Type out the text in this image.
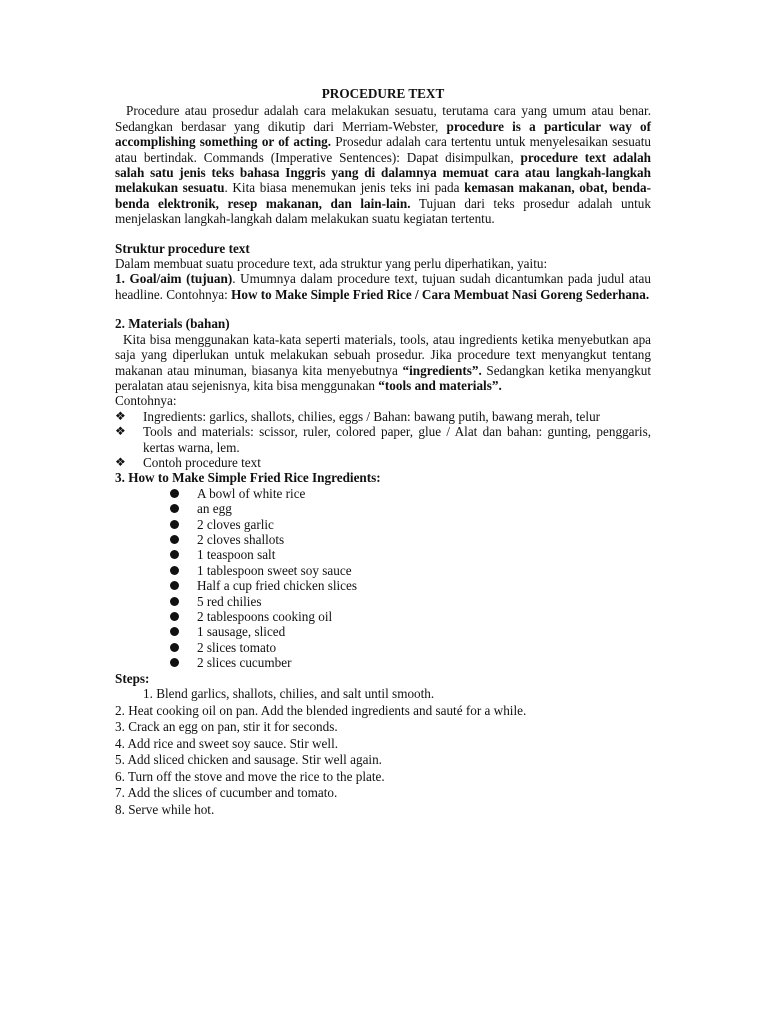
PROCEDURE TEXT

Procedure atau prosedur adalah cara melakukan sesuatu, terutama cara yang umum atau benar. Sedangkan berdasar yang dikutip dari Merriam-Webster, procedure is a particular way of accomplishing something or of acting. Prosedur adalah cara tertentu untuk menyelesaikan sesuatu atau bertindak. Commands (Imperative Sentences): Dapat disimpulkan, procedure text adalah salah satu jenis teks bahasa Inggris yang di dalamnya memuat cara atau langkah-langkah melakukan sesuatu. Kita biasa menemukan jenis teks ini pada kemasan makanan, obat, benda-benda elektronik, resep makanan, dan lain-lain. Tujuan dari teks prosedur adalah untuk menjelaskan langkah-langkah dalam melakukan suatu kegiatan tertentu.

Struktur procedure text

Dalam membuat suatu procedure text, ada struktur yang perlu diperhatikan, yaitu:

1. Goal/aim (tujuan). Umumnya dalam procedure text, tujuan sudah dicantumkan pada judul atau headline. Contohnya: How to Make Simple Fried Rice / Cara Membuat Nasi Goreng Sederhana.

2. Materials (bahan)

Kita bisa menggunakan kata-kata seperti materials, tools, atau ingredients ketika menyebutkan apa saja yang diperlukan untuk melakukan sebuah prosedur. Jika procedure text menyangkut tentang makanan atau minuman, biasanya kita menyebutnya “ingredients”. Sedangkan ketika menyangkut peralatan atau sejenisnya, kita bisa menggunakan “tools and materials”.

Contohnya:

❖ Ingredients: garlics, shallots, chilies, eggs / Bahan: bawang putih, bawang merah, telur
❖ Tools and materials: scissor, ruler, colored paper, glue / Alat dan bahan: gunting, penggaris, kertas warna, lem.
❖ Contoh procedure text

3. How to Make Simple Fried Rice Ingredients:

A bowl of white rice
an egg
2 cloves garlic
2 cloves shallots
1 teaspoon salt
1 tablespoon sweet soy sauce
Half a cup fried chicken slices
5 red chilies
2 tablespoons cooking oil
1 sausage, sliced
2 slices tomato
2 slices cucumber

Steps:

1. Blend garlics, shallots, chilies, and salt until smooth.
2. Heat cooking oil on pan. Add the blended ingredients and sauté for a while.
3. Crack an egg on pan, stir it for seconds.
4. Add rice and sweet soy sauce. Stir well.
5. Add sliced chicken and sausage. Stir well again.
6. Turn off the stove and move the rice to the plate.
7. Add the slices of cucumber and tomato.
8. Serve while hot.
